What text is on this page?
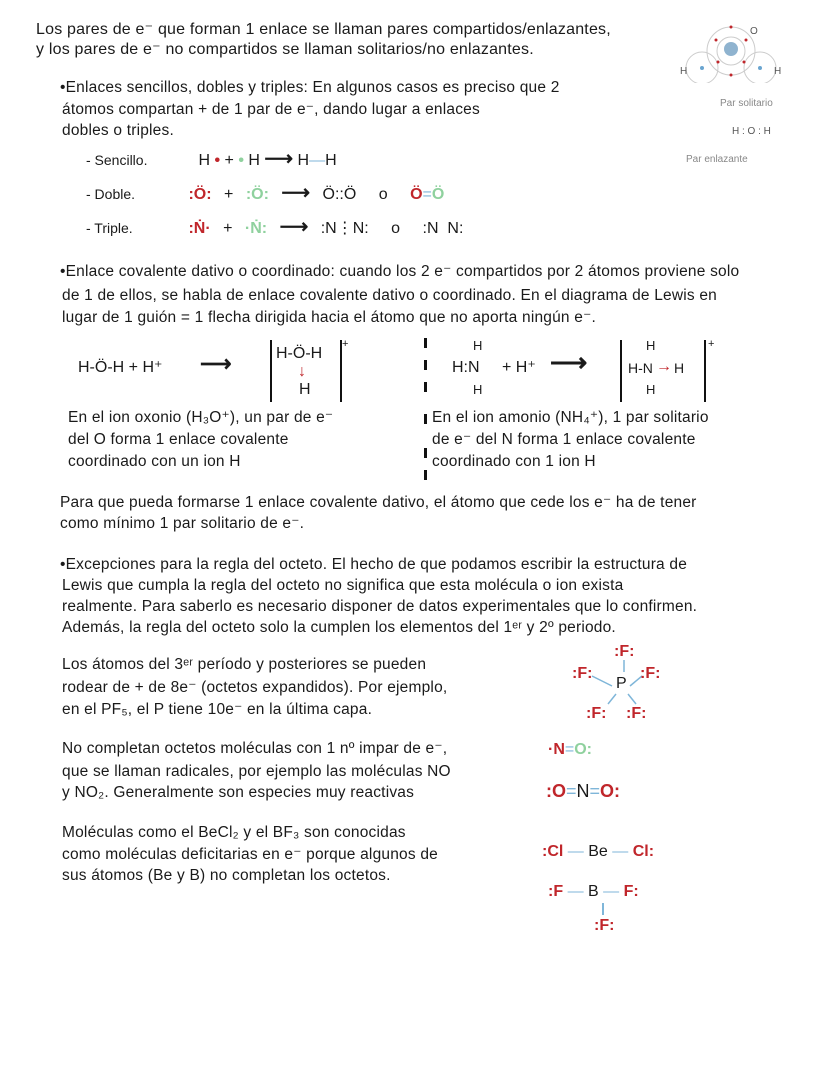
Los pares de e⁻ que forman 1 enlace se llaman pares compartidos/enlazantes,
y los pares de e⁻ no compartidos se llaman solitarios/no enlazantes.
O
H	H
Par solitario
H : O : H
Par enlazante
•Enlaces sencillos, dobles y triples: En algunos casos es preciso que 2
átomos compartan + de 1 par de e⁻, dando lugar a enlaces
dobles o triples.
- Sencillo.	H • + • H ⟶ H—H
- Doble.	:Ö: + :Ö: ⟶ Ö::Ö o Ö=Ö
- Triple.	:Ṅ· + ·Ṅ: ⟶ :N⋮N: o :N  N:
•Enlace covalente dativo o coordinado: cuando los 2 e⁻ compartidos por 2 átomos proviene solo
de 1 de ellos, se habla de enlace covalente dativo o coordinado. En el diagrama de Lewis en
lugar de 1 guión = 1 flecha dirigida hacia el átomo que no aporta ningún e⁻.
H-Ö-H + H⁺ ⟶	H-Ö-H
↓
H
+	H
H:N
H
+ H⁺ ⟶
H
H-N → H
H
+
En el ion oxonio (H₃O⁺), un par de e⁻
del O forma 1 enlace covalente
coordinado con un ion H
En el ion amonio (NH₄⁺), 1 par solitario
de e⁻ del N forma 1 enlace covalente
coordinado con 1 ion H
Para que pueda formarse 1 enlace covalente dativo, el átomo que cede los e⁻ ha de tener
como mínimo 1 par solitario de e⁻.
•Excepciones para la regla del octeto. El hecho de que podamos escribir la estructura de
Lewis que cumpla la regla del octeto no significa que esta molécula o ion exista
realmente. Para saberlo es necesario disponer de datos experimentales que lo confirmen.
Además, la regla del octeto solo la cumplen los elementos del 1ᵉʳ y 2º periodo.
Los átomos del 3ᵉʳ período y posteriores se pueden
rodear de + de 8e⁻ (octetos expandidos). Por ejemplo,
en el PF₅, el P tiene 10e⁻ en la última capa.
P
:F:
:F:	:F:
:F: :F:
No completan octetos moléculas con 1 nº impar de e⁻,
que se llaman radicales, por ejemplo las moléculas NO
y NO₂. Generalmente son especies muy reactivas
·N=O:
:O=N=O:
Moléculas como el BeCl₂ y el BF₃ son conocidas
como moléculas deficitarias en e⁻ porque algunos de
sus átomos (Be y B) no completan los octetos.
:Cl — Be — Cl:
:F — B — F:
:F:
